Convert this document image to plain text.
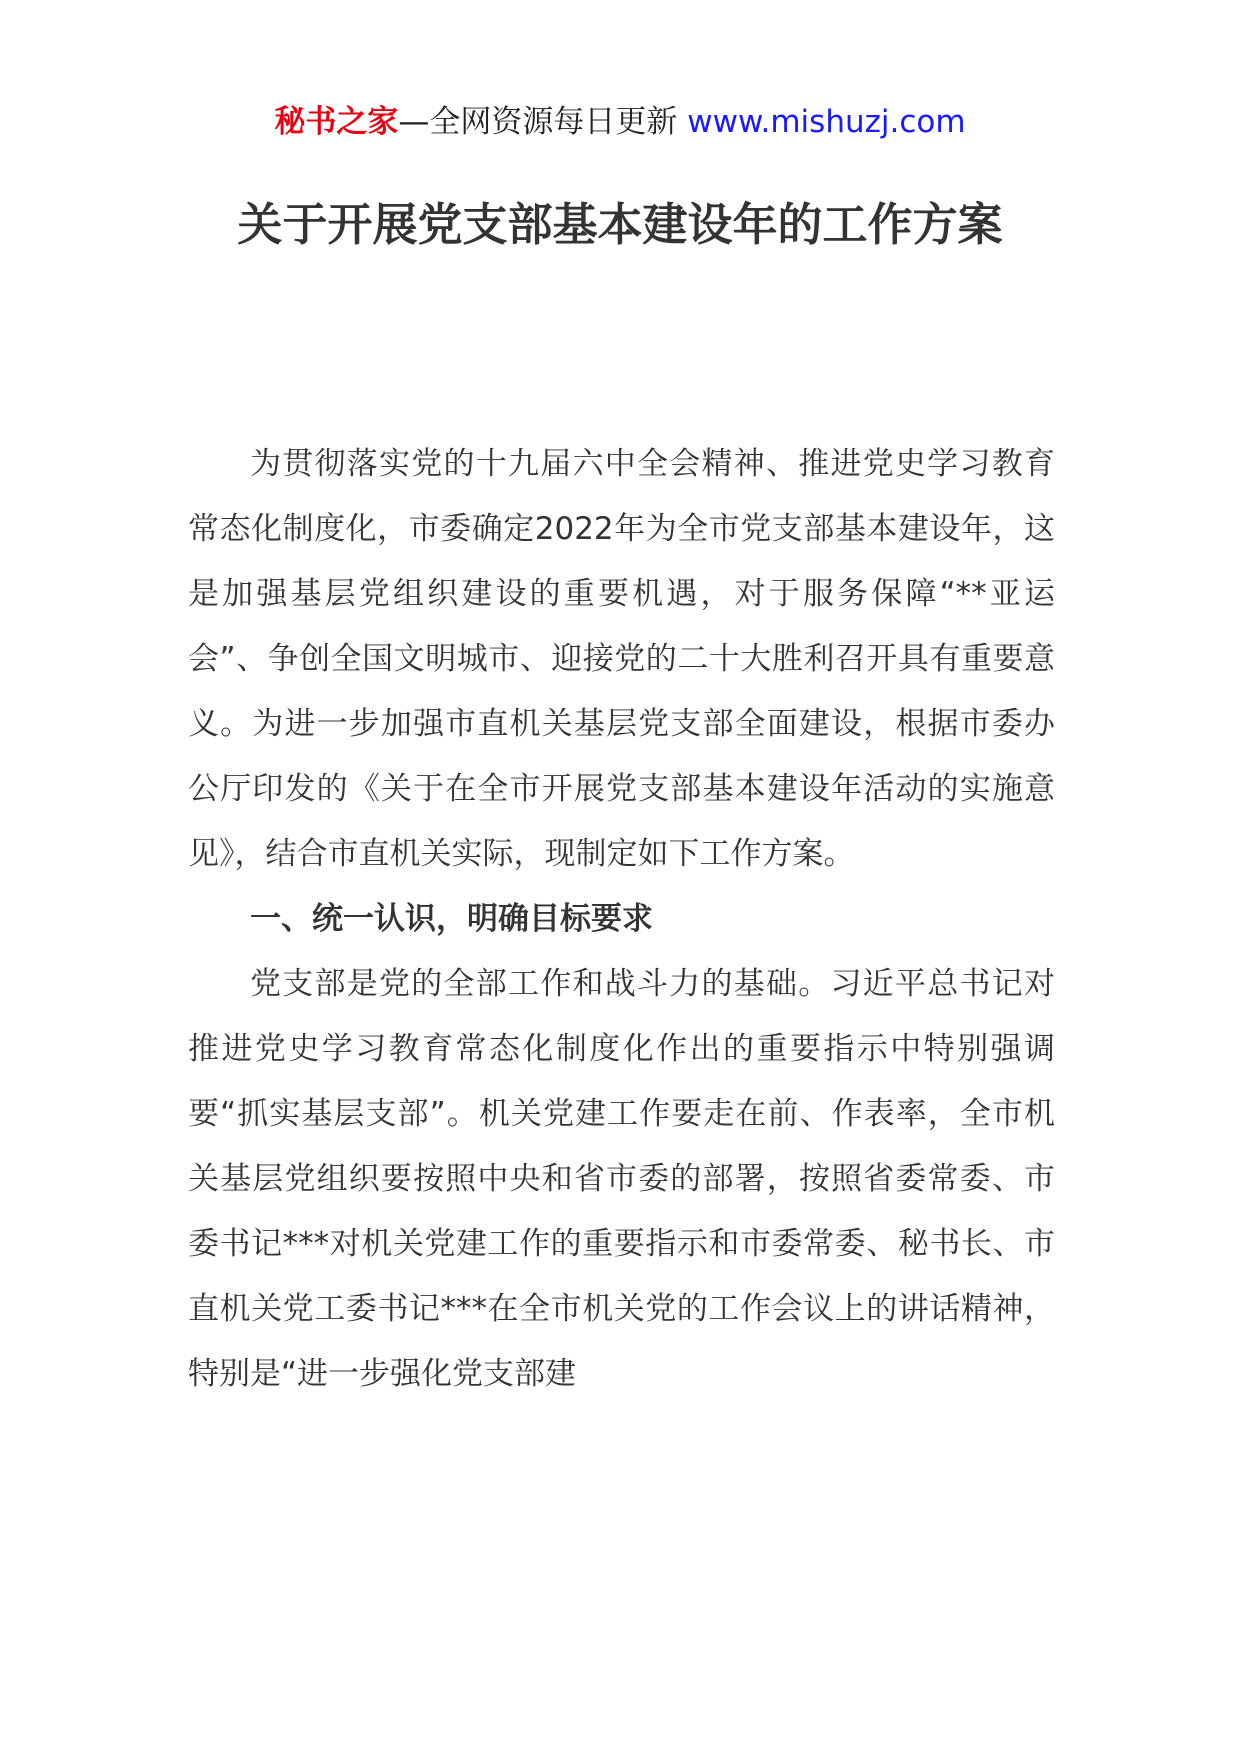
秘书之家—全网资源每日更新 www.mishuzj.com
关于开展党支部基本建设年的工作方案

为贯彻落实党的十九届六中全会精神、推进党史学习教育常态化制度化，市委确定2022年为全市党支部基本建设年，这是加强基层党组织建设的重要机遇，对于服务保障“**亚运会”、争创全国文明城市、迎接党的二十大胜利召开具有重要意义。为进一步加强市直机关基层党支部全面建设，根据市委办公厅印发的《关于在全市开展党支部基本建设年活动的实施意见》，结合市直机关实际，现制定如下工作方案。

一、统一认识，明确目标要求

党支部是党的全部工作和战斗力的基础。习近平总书记对推进党史学习教育常态化制度化作出的重要指示中特别强调要“抓实基层支部”。机关党建工作要走在前、作表率，全市机关基层党组织要按照中央和省市委的部署，按照省委常委、市委书记***对机关党建工作的重要指示和市委常委、秘书长、市直机关党工委书记***在全市机关党的工作会议上的讲话精神，特别是“进一步强化党支部建
